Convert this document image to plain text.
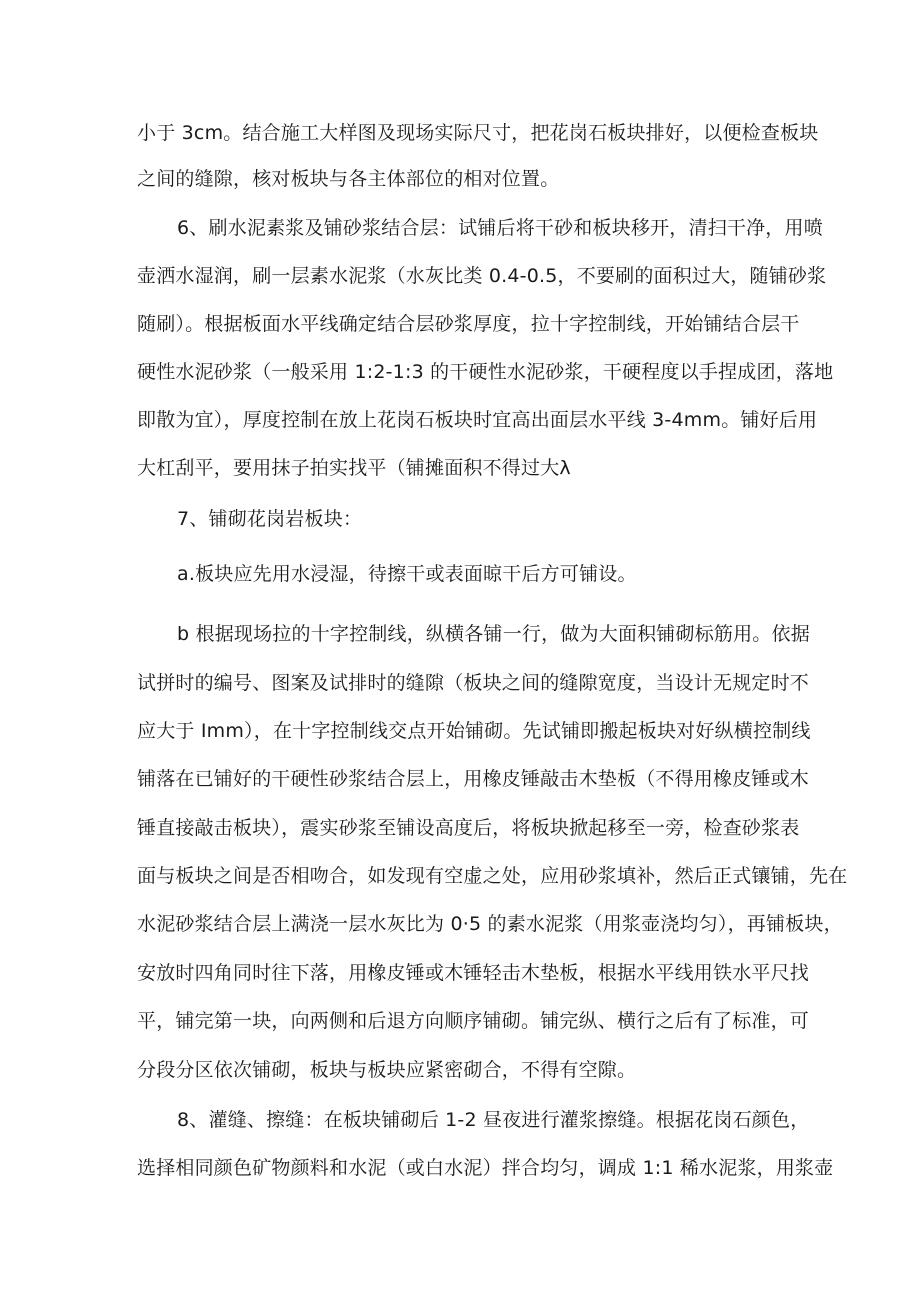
小于 3cm。结合施工大样图及现场实际尺寸，把花岗石板块排好，以便检查板块
之间的缝隙，核对板块与各主体部位的相对位置。
6、刷水泥素浆及铺砂浆结合层：试铺后将干砂和板块移开，清扫干净，用喷
壶洒水湿润，刷一层素水泥浆（水灰比类 0.4-0.5，不要刷的面积过大，随铺砂浆
随刷）。根据板面水平线确定结合层砂浆厚度，拉十字控制线，开始铺结合层干
硬性水泥砂浆（一般采用 1:2-1:3 的干硬性水泥砂浆，干硬程度以手捏成团，落地
即散为宜），厚度控制在放上花岗石板块时宜高出面层水平线 3-4mm。铺好后用
大杠刮平，要用抹子拍实找平（铺摊面积不得过大λ
7、铺砌花岗岩板块：
a.板块应先用水浸湿，待擦干或表面晾干后方可铺设。
b 根据现场拉的十字控制线，纵横各铺一行，做为大面积铺砌标筋用。依据
试拼时的编号、图案及试排时的缝隙（板块之间的缝隙宽度，当设计无规定时不
应大于 Imm），在十字控制线交点开始铺砌。先试铺即搬起板块对好纵横控制线
铺落在已铺好的干硬性砂浆结合层上，用橡皮锤敲击木垫板（不得用橡皮锤或木
锤直接敲击板块），震实砂浆至铺设高度后，将板块掀起移至一旁，检查砂浆表
面与板块之间是否相吻合，如发现有空虚之处，应用砂浆填补，然后正式镶铺，先在
水泥砂浆结合层上满浇一层水灰比为 0·5 的素水泥浆（用浆壶浇均匀），再铺板块，
安放时四角同时往下落，用橡皮锤或木锤轻击木垫板，根据水平线用铁水平尺找
平，铺完第一块，向两侧和后退方向顺序铺砌。铺完纵、横行之后有了标准，可
分段分区依次铺砌，板块与板块应紧密砌合，不得有空隙。
8、灌缝、擦缝：在板块铺砌后 1-2 昼夜进行灌浆擦缝。根据花岗石颜色，
选择相同颜色矿物颜料和水泥（或白水泥）拌合均匀，调成 1:1 稀水泥浆，用浆壶
